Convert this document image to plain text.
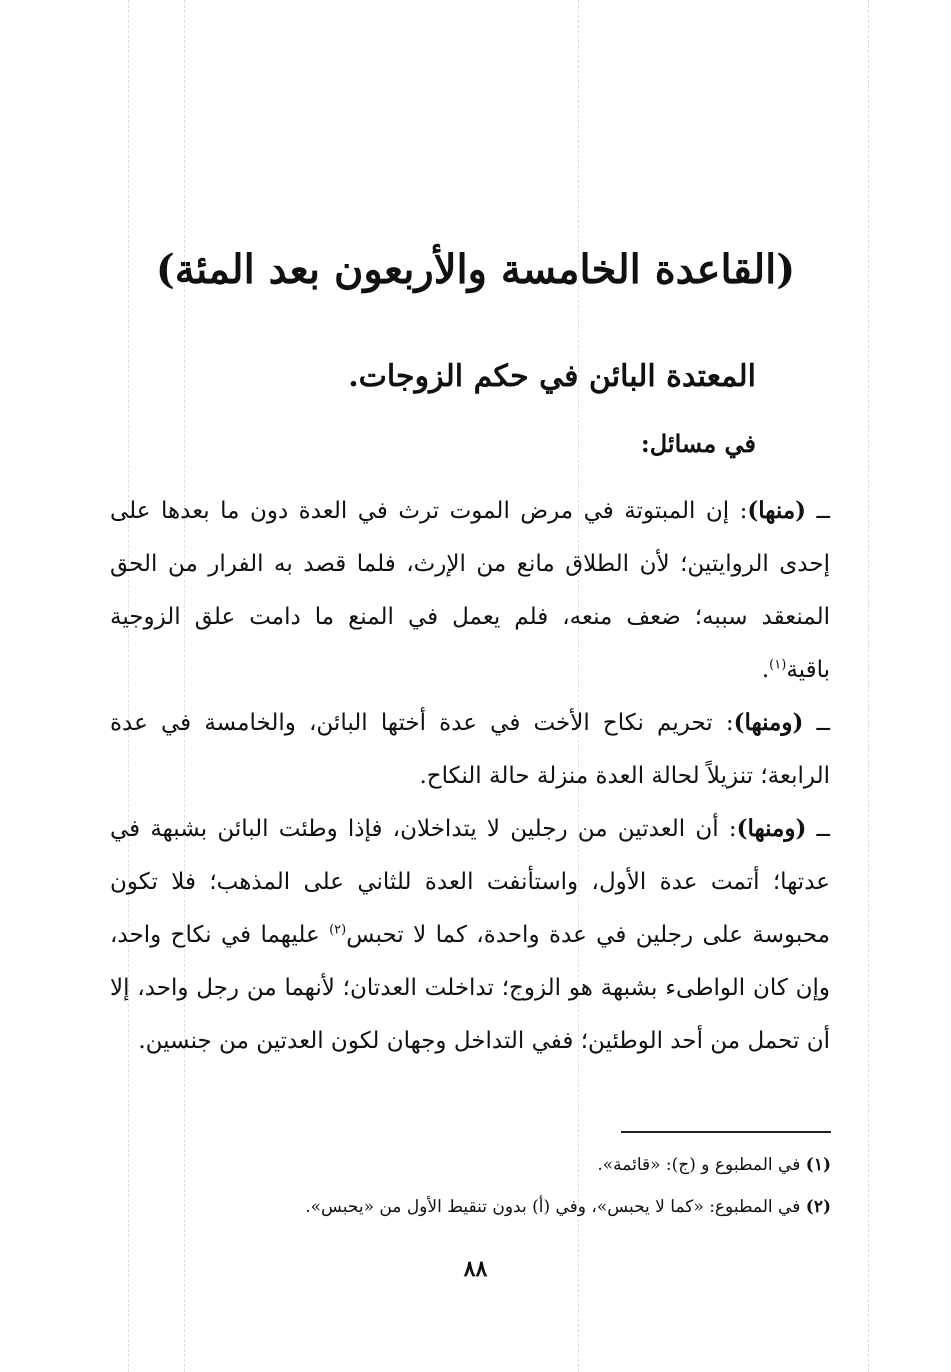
(القاعدة الخامسة والأربعون بعد المئة)
المعتدة البائن في حكم الزوجات.
في مسائل:

ــ (منها): إن المبتوتة في مرض الموت ترث في العدة دون ما بعدها على إحدى الروايتين؛ لأن الطلاق مانع من الإرث، فلما قصد به الفرار من الحق المنعقد سببه؛ ضعف منعه، فلم يعمل في المنع ما دامت علق الزوجية باقية$^{(١)}$.

ــ (ومنها): تحريم نكاح الأخت في عدة أختها البائن، والخامسة في عدة الرابعة؛ تنزيلاً لحالة العدة منزلة حالة النكاح.

ــ (ومنها): أن العدتين من رجلين لا يتداخلان، فإذا وطئت البائن بشبهة في عدتها؛ أتمت عدة الأول، واستأنفت العدة للثاني على المذهب؛ فلا تكون محبوسة على رجلين في عدة واحدة، كما لا تحبس$^{(٢)}$ عليهما في نكاح واحد، وإن كان الواطىء بشبهة هو الزوج؛ تداخلت العدتان؛ لأنهما من رجل واحد، إلا أن تحمل من أحد الوطئين؛ ففي التداخل وجهان لكون العدتين من جنسين.

(١) في المطبوع و (ج): «قائمة».
(٢) في المطبوع: «كما لا يحبس»، وفي (أ) بدون تنقيط الأول من «يحبس».
٨٨
